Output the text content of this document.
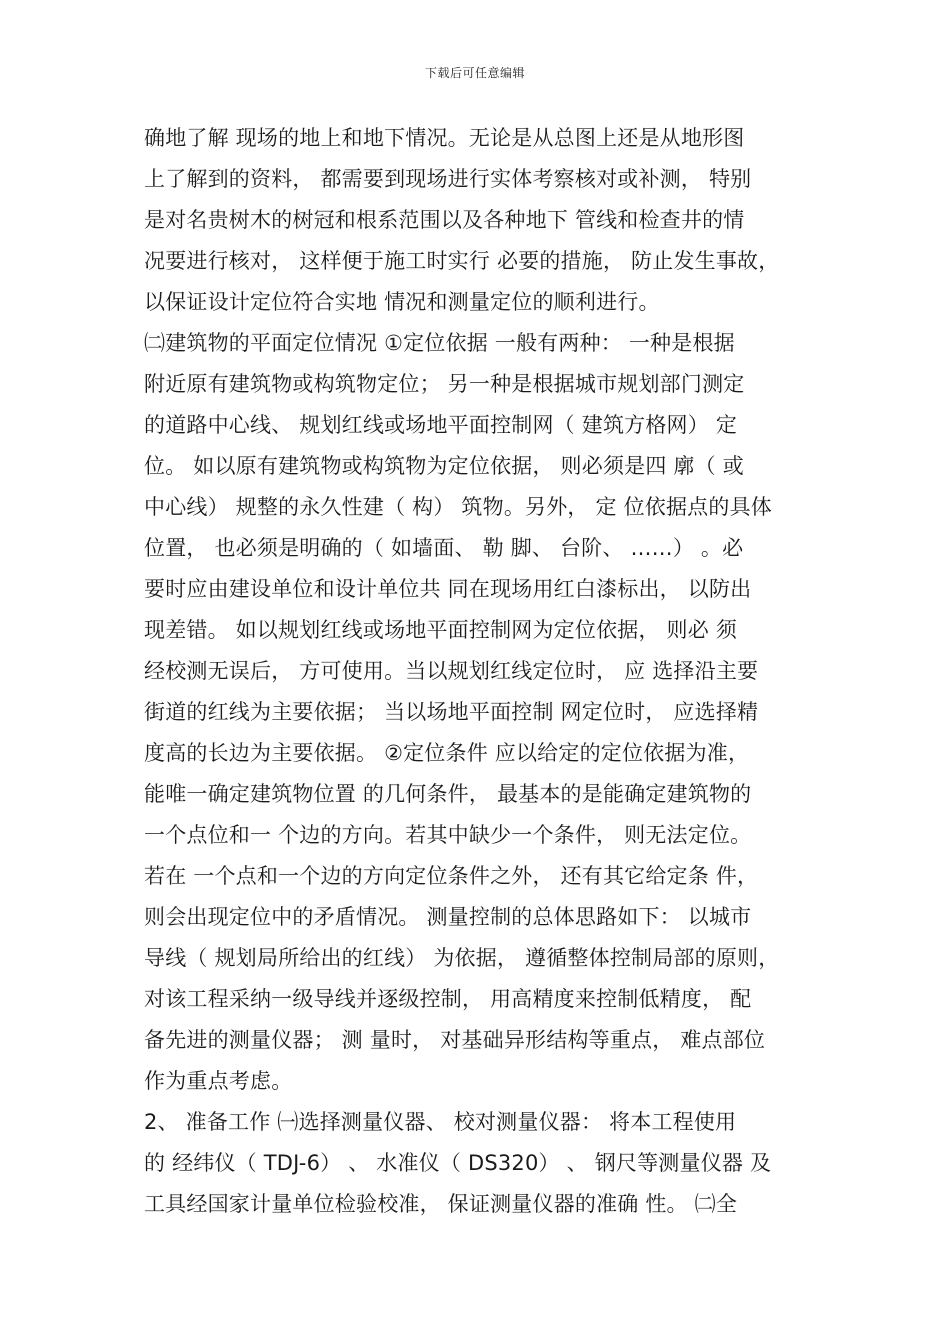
下载后可任意编辑
确地了解 现场的地上和地下情况。无论是从总图上还是从地形图
上了解到的资料， 都需要到现场进行实体考察核对或补测， 特别
是对名贵树木的树冠和根系范围以及各种地下 管线和检查井的情
况要进行核对， 这样便于施工时实行 必要的措施， 防止发生事故，
以保证设计定位符合实地 情况和测量定位的顺利进行。
㈡建筑物的平面定位情况 ①定位依据 一般有两种： 一种是根据
附近原有建筑物或构筑物定位； 另一种是根据城市规划部门测定
的道路中心线、 规划红线或场地平面控制网（ 建筑方格网） 定
位。 如以原有建筑物或构筑物为定位依据， 则必须是四 廓（ 或
中心线） 规整的永久性建（ 构） 筑物。另外， 定 位依据点的具体
位置， 也必须是明确的（ 如墙面、 勒 脚、 台阶、 ……） 。必
要时应由建设单位和设计单位共 同在现场用红白漆标出， 以防出
现差错。 如以规划红线或场地平面控制网为定位依据， 则必 须
经校测无误后， 方可使用。当以规划红线定位时， 应 选择沿主要
街道的红线为主要依据； 当以场地平面控制 网定位时， 应选择精
度高的长边为主要依据。 ②定位条件 应以给定的定位依据为准，
能唯一确定建筑物位置 的几何条件， 最基本的是能确定建筑物的
一个点位和一 个边的方向。若其中缺少一个条件， 则无法定位。
若在 一个点和一个边的方向定位条件之外， 还有其它给定条 件，
则会出现定位中的矛盾情况。 测量控制的总体思路如下： 以城市
导线（ 规划局所给出的红线） 为依据， 遵循整体控制局部的原则，
对该工程采纳一级导线并逐级控制， 用高精度来控制低精度， 配
备先进的测量仪器； 测 量时， 对基础异形结构等重点， 难点部位
作为重点考虑。
2、 准备工作 ㈠选择测量仪器、 校对测量仪器： 将本工程使用
的 经纬仪（ TDJ-6） 、 水准仪（ DS320） 、 钢尺等测量仪器 及
工具经国家计量单位检验校准， 保证测量仪器的准确 性。 ㈡全
